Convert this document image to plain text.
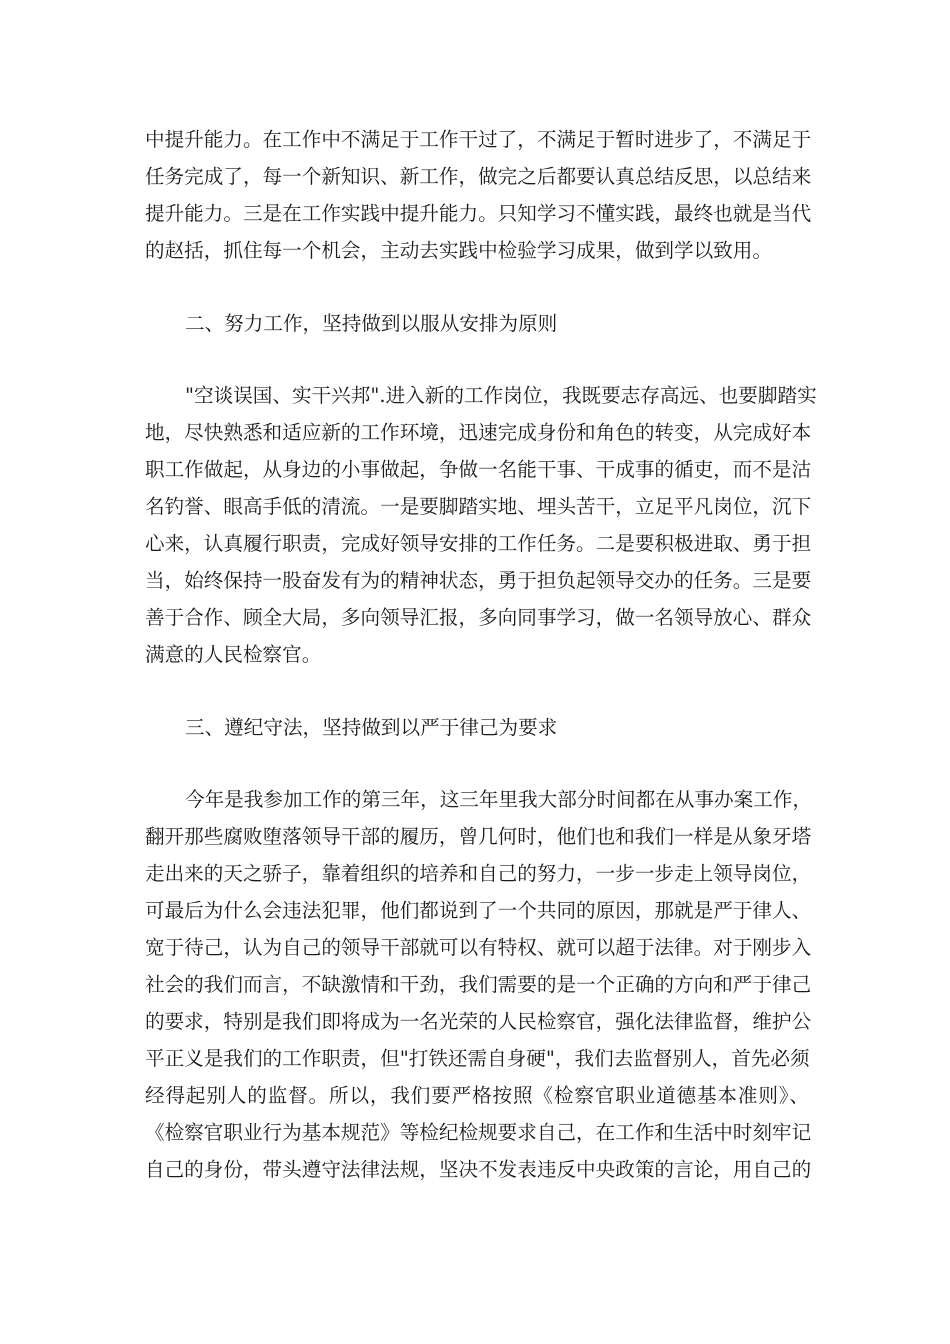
中提升能力。在工作中不满足于工作干过了，不满足于暂时进步了，不满足于
任务完成了，每一个新知识、新工作，做完之后都要认真总结反思，以总结来
提升能力。三是在工作实践中提升能力。只知学习不懂实践，最终也就是当代
的赵括，抓住每一个机会，主动去实践中检验学习成果，做到学以致用。
二、努力工作，坚持做到以服从安排为原则
"空谈误国、实干兴邦".进入新的工作岗位，我既要志存高远、也要脚踏实
地，尽快熟悉和适应新的工作环境，迅速完成身份和角色的转变，从完成好本
职工作做起，从身边的小事做起，争做一名能干事、干成事的循吏，而不是沽
名钓誉、眼高手低的清流。一是要脚踏实地、埋头苦干，立足平凡岗位，沉下
心来，认真履行职责，完成好领导安排的工作任务。二是要积极进取、勇于担
当，始终保持一股奋发有为的精神状态，勇于担负起领导交办的任务。三是要
善于合作、顾全大局，多向领导汇报，多向同事学习，做一名领导放心、群众
满意的人民检察官。
三、遵纪守法，坚持做到以严于律己为要求
今年是我参加工作的第三年，这三年里我大部分时间都在从事办案工作，
翻开那些腐败堕落领导干部的履历，曾几何时，他们也和我们一样是从象牙塔
走出来的天之骄子，靠着组织的培养和自己的努力，一步一步走上领导岗位，
可最后为什么会违法犯罪，他们都说到了一个共同的原因，那就是严于律人、
宽于待己，认为自己的领导干部就可以有特权、就可以超于法律。对于刚步入
社会的我们而言，不缺激情和干劲，我们需要的是一个正确的方向和严于律己
的要求，特别是我们即将成为一名光荣的人民检察官，强化法律监督，维护公
平正义是我们的工作职责，但"打铁还需自身硬"，我们去监督别人，首先必须
经得起别人的监督。所以，我们要严格按照《检察官职业道德基本准则》、
《检察官职业行为基本规范》等检纪检规要求自己，在工作和生活中时刻牢记
自己的身份，带头遵守法律法规，坚决不发表违反中央政策的言论，用自己的
